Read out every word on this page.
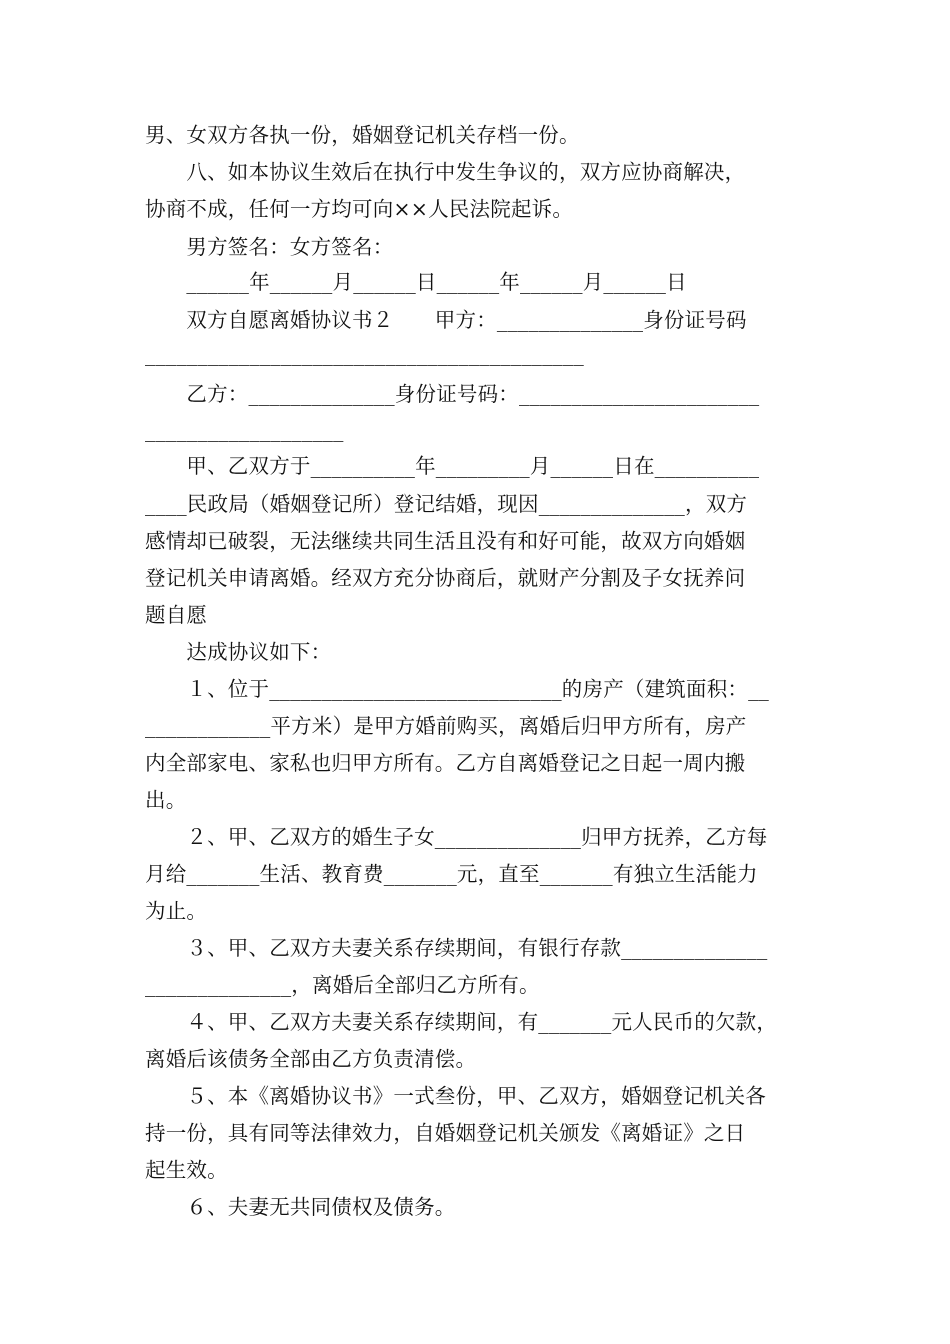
男、女双方各执一份，婚姻登记机关存档一份。
　　八、如本协议生效后在执行中发生争议的，双方应协商解决，
协商不成，任何一方均可向××人民法院起诉。
　　男方签名：女方签名：
　　______年______月______日______年______月______日
　　双方自愿离婚协议书２　　甲方：______________身份证号码
__________________________________________
　　乙方：______________身份证号码：_______________________
___________________
　　甲、乙双方于__________年_________月______日在__________
____民政局（婚姻登记所）登记结婚，现因______________，双方
感情却已破裂，无法继续共同生活且没有和好可能，故双方向婚姻
登记机关申请离婚。经双方充分协商后，就财产分割及子女抚养问
题自愿
　　达成协议如下：
　　１、位于____________________________的房产（建筑面积：__
____________平方米）是甲方婚前购买，离婚后归甲方所有，房产
内全部家电、家私也归甲方所有。乙方自离婚登记之日起一周内搬
出。
　　２、甲、乙双方的婚生子女______________归甲方抚养，乙方每
月给_______生活、教育费_______元，直至_______有独立生活能力
为止。
　　３、甲、乙双方夫妻关系存续期间，有银行存款______________
______________，离婚后全部归乙方所有。
　　４、甲、乙双方夫妻关系存续期间，有_______元人民币的欠款，
离婚后该债务全部由乙方负责清偿。
　　５、本《离婚协议书》一式叁份，甲、乙双方，婚姻登记机关各
持一份，具有同等法律效力，自婚姻登记机关颁发《离婚证》之日
起生效。
　　６、夫妻无共同债权及债务。
